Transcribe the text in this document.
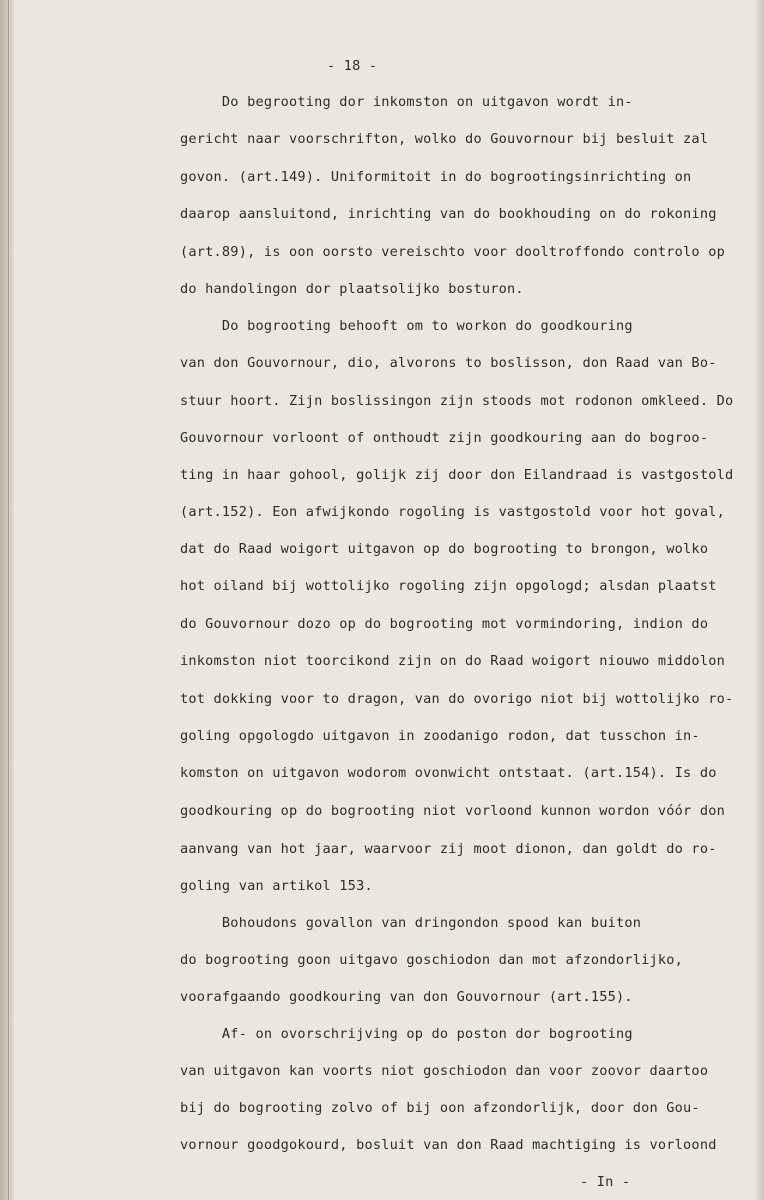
- 18 -
Do begrooting dor inkomston on uitgavon wordt in-
gericht naar voorschrifton, wolko do Gouvornour bij besluit zal
govon. (art.149). Uniformitoit in do bogrootingsinrichting on
daarop aansluitond, inrichting van do bookhouding on do rokoning
(art.89), is oon oorsto vereischto voor dooltroffondo controlo op
do handolingon dor plaatsolijko bosturon.
Do bogrooting behooft om to workon do goodkouring
van don Gouvornour, dio, alvorons to boslisson, don Raad van Bo-
stuur hoort. Zijn boslissingon zijn stoods mot rodonon omkleed. Do
Gouvornour vorloont of onthoudt zijn goodkouring aan do bogroo-
ting in haar gohool, golijk zij door don Eilandraad is vastgostold
(art.152). Eon afwijkondo rogoling is vastgostold voor hot goval,
dat do Raad woigort uitgavon op do bogrooting to brongon, wolko
hot oiland bij wottolijko rogoling zijn opgologd; alsdan plaatst
do Gouvornour dozo op do bogrooting mot vormindoring, indion do
inkomston niot toorcikond zijn on do Raad woigort niouwo middolon
tot dokking voor to dragon, van do ovorigo niot bij wottolijko ro-
goling opgologdo uitgavon in zoodanigo rodon, dat tusschon in-
komston on uitgavon wodorom ovonwicht ontstaat. (art.154). Is do
goodkouring op do bogrooting niot vorloond kunnon wordon vóór don
aanvang van hot jaar, waarvoor zij moot dionon, dan goldt do ro-
goling van artikol 153.
Bohoudons govallon van dringondon spood kan buiton
do bogrooting goon uitgavo goschiodon dan mot afzondorlijko,
voorafgaando goodkouring van don Gouvornour (art.155).
Af- on ovorschrijving op do poston dor bogrooting
van uitgavon kan voorts niot goschiodon dan voor zoovor daartoo
bij do bogrooting zolvo of bij oon afzondorlijk, door don Gou-
vornour goodgokourd, bosluit van don Raad machtiging is vorloond
- In -
